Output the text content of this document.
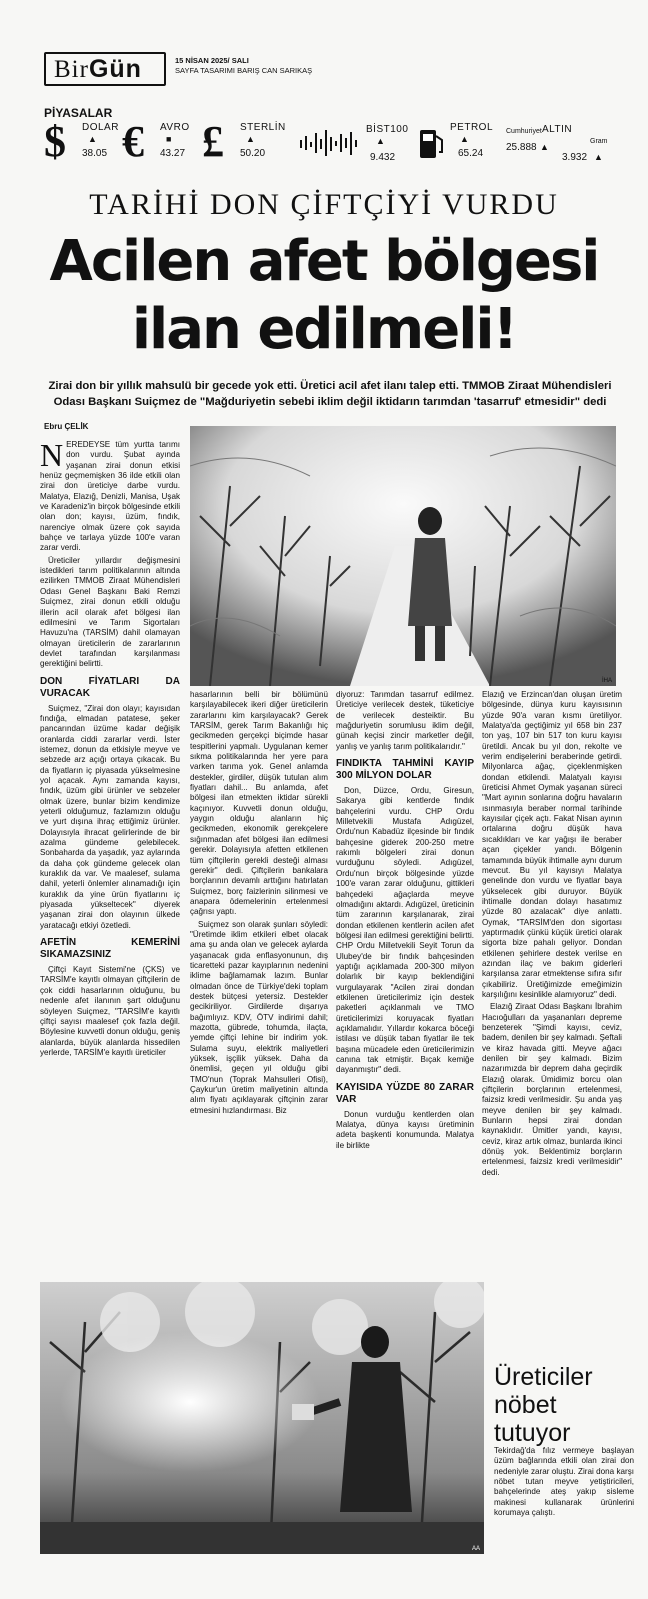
BirGün	15 NİSAN 2025/ SALI
SAYFA TASARIMI BARIŞ CAN SARIKAŞ
PİYASALAR
$ DOLAR
▲
38.05 € AVRO
■
43.27 £ STERLİN
▲
50.20
BİST100
▲
9.432
PETROL
▲
65.24
ALTIN
Cumhuriyet
25.888 ▲
Gram
3.932 ▲
TARİHİ DON ÇİFTÇİYİ VURDU
Acilen afet bölgesi
ilan edilmeli!
Zirai don bir yıllık mahsulü bir gecede yok etti. Üretici acil afet ilanı talep etti. TMMOB Ziraat Mühendisleri
Odası Başkanı Suiçmez de "Mağduriyetin sebebi iklim değil iktidarın tarımdan 'tasarruf' etmesidir" dedi
Ebru ÇELİK
İHA

NEREDEYSE tüm yurtta tarımı don vurdu. Şubat ayında yaşanan zirai donun etkisi henüz geçmemişken 36 ilde etkili olan zirai don üreticiye darbe vurdu. Malatya, Elazığ, Denizli, Manisa, Uşak ve Karadeniz'in birçok bölgesinde etkili olan don; kayısı, üzüm, fındık, narenciye olmak üzere çok sayıda bahçe ve tarlaya yüzde 100'e varan zarar verdi.

Üreticiler yıllardır değişmesini istedikleri tarım politikalarının altında ezilirken TMMOB Ziraat Mühendisleri Odası Genel Başkanı Baki Remzi Suiçmez, zirai donun etkili olduğu illerin acil olarak afet bölgesi ilan edilmesini ve Tarım Sigortaları Havuzu'na (TARSİM) dahil olamayan olmayan üreticilerin de zararlarının devlet tarafından karşılanması gerektiğini belirtti.

DON FİYATLARI DA VURACAK

Suiçmez, "Zirai don olayı; kayısıdan fındığa, elmadan patatese, şeker pancarından üzüme kadar değişik oranlarda ciddi zararlar verdi. İster istemez, donun da etkisiyle meyve ve sebzede arz açığı ortaya çıkacak. Bu da fiyatların iç piyasada yükselmesine yol açacak. Aynı zamanda kayısı, fındık, üzüm gibi ürünler ve sebzeler olmak üzere, bunlar bizim kendimize yeterli olduğumuz, fazlamızın olduğu ve yurt dışına ihraç ettiğimiz ürünler. Dolayısıyla ihracat gelirlerinde de bir azalma gündeme gelebilecek. Sonbaharda da yaşadık, yaz aylarında da daha çok gündeme gelecek olan kuraklık da var. Ve maalesef, sulama dahil, yeterli önlemler alınamadığı için kuraklık da yine ürün fiyatlarını iç piyasada yükseltecek" diyerek yaşanan zirai don olayının ülkede yaratacağı etkiyi özetledi.

AFETİN KEMERİNİ SIKAMAZSINIZ

Çiftçi Kayıt Sistemi'ne (ÇKS) ve TARSİM'e kayıtlı olmayan çiftçilerin de çok ciddi hasarlarının olduğunu, bu nedenle afet ilanının şart olduğunu söyleyen Suiçmez, "TARSİM'e kayıtlı çiftçi sayısı maalesef çok fazla değil. Böylesine kuvvetli donun olduğu, geniş alanlarda, büyük alanlarda hissedilen yerlerde, TARSİM'e kayıtlı üreticiler

hasarlarının belli bir bölümünü karşılayabilecek ikeri diğer üreticilerin zararlarını kim karşılayacak? Gerek TARSİM, gerek Tarım Bakanlığı hiç gecikmeden gerçekçi biçimde hasar tespitlerini yapmalı. Uygulanan kemer sıkma politikalarında her yere para varken tarıma yok. Genel anlamda destekler, girdiler, düşük tutulan alım fiyatları dahil... Bu anlamda, afet bölgesi ilan etmekten iktidar sürekli kaçınıyor. Kuvvetli donun olduğu, yaygın olduğu alanların hiç gecikmeden, ekonomik gerekçelere sığınmadan afet bölgesi ilan edilmesi gerekir. Dolayısıyla afetten etkilenen tüm çiftçilerin gerekli desteği alması gerekir" dedi. Çiftçilerin bankalara borçlarının devamlı arttığını hatırlatan Suiçmez, borç faizlerinin silinmesi ve anapara ödemelerinin ertelenmesi çağrısı yaptı.

Suiçmez son olarak şunları söyledi: "Üretimde iklim etkileri elbet olacak ama şu anda olan ve gelecek aylarda yaşanacak gıda enflasyonunun, dış ticaretteki pazar kayıplarının nedenini iklime bağlamamak lazım. Bunlar olmadan önce de Türkiye'deki toplam destek bütçesi yetersiz. Destekler gecikiriliyor. Girdilerde dışarıya bağımlıyız. KDV, ÖTV indirimi dahil; mazotta, gübrede, tohumda, ilaçta, yemde çiftçi lehine bir indirim yok. Sulama suyu, elektrik maliyetleri yüksek, işçilik yüksek. Daha da önemlisi, geçen yıl olduğu gibi TMO'nun (Toprak Mahsulleri Ofisi), Çaykur'un üretim maliyetinin altında alım fiyatı açıklayarak çiftçinin zarar etmesini hızlandırması. Biz

diyoruz: Tarımdan tasarruf edilmez. Üreticiye verilecek destek, tüketiciye de verilecek desteiktir. Bu mağduriyetin sorumlusu iklim değil, günah keçisi zincir marketler değil, yanlış ve yanlış tarım politikalarıdır."

FINDIKTA TAHMİNİ KAYIP 300 MİLYON DOLAR

Don, Düzce, Ordu, Giresun, Sakarya gibi kentlerde fındık bahçelerini vurdu. CHP Ordu Milletvekili Mustafa Adıgüzel, Ordu'nun Kabadüz ilçesinde bir fındık bahçesine giderek 200-250 metre rakımlı bölgeleri zirai donun vurduğunu söyledi. Adıgüzel, Ordu'nun birçok bölgesinde yüzde 100'e varan zarar olduğunu, gittikleri bahçedeki ağaçlarda meyve olmadığını aktardı. Adıgüzel, üreticinin tüm zararının karşılanarak, zirai dondan etkilenen kentlerin acilen afet bölgesi ilan edilmesi gerektiğini belirtti. CHP Ordu Milletvekili Seyit Torun da Ulubey'de bir fındık bahçesinden yaptığı açıklamada 200-300 milyon dolarlık bir kayıp beklendiğini vurgulayarak "Acilen zirai dondan etkilenen üreticilerimiz için destek paketleri açıklanmalı ve TMO üreticilerimizi koruyacak fiyatları açıklamalıdır. Yıllardır kokarca böceği istilası ve düşük taban fiyatlar ile tek başına mücadele eden üreticilerimizin canına tak etmiştir. Bıçak kemiğe dayanmıştır" dedi.

KAYISIDA YÜZDE 80 ZARAR VAR

Donun vurduğu kentlerden olan Malatya, dünya kayısı üretiminin adeta başkenti konumunda. Malatya ile birlikte

Elazığ ve Erzincan'dan oluşan üretim bölgesinde, dünya kuru kayısısının yüzde 90'a varan kısmı üretiliyor. Malatya'da geçtiğimiz yıl 658 bin 237 ton yaş, 107 bin 517 ton kuru kayısı üretildi. Ancak bu yıl don, rekolte ve verim endişelerini beraberinde getirdi. Milyonlarca ağaç, çiçeklenmişken dondan etkilendi. Malatyalı kayısı üreticisi Ahmet Oymak yaşanan süreci "Mart ayının sonlarına doğru havaların ısınmasıyla beraber normal tarihinde kayısılar çiçek açtı. Fakat Nisan ayının ortalarına doğru düşük hava sıcaklıkları ve kar yağışı ile beraber açan çiçekler yandı. Bölgenin tamamında büyük ihtimalle aynı durum mevcut. Bu yıl kayısıyı Malatya genelinde don vurdu ve fiyatlar baya yükselecek gibi duruyor. Büyük ihtimalle dondan dolayı hasatımız yüzde 80 azalacak" diye anlattı. Oymak, "TARSİM'den don sigortası yaptırmadık çünkü küçük üretici olarak sigorta bize pahalı geliyor. Dondan etkilenen şehirlere destek verilse en azından ilaç ve bakım giderleri karşılansa zarar etmektense sıfıra sıfır çıkabiliriz. Üretiğimizde emeğimizin karşılığını kesinlikle alamıyoruz" dedi.

Elazığ Ziraat Odası Başkanı İbrahim Hacıoğulları da yaşananları depreme benzeterek "Şimdi kayısı, ceviz, badem, denilen bir şey kalmadı. Şeftali ve kiraz havada gitti. Meyve ağacı denilen bir şey kalmadı. Bizim nazarımızda bir deprem daha geçirdik Elazığ olarak. Ümidimiz borcu olan çiftçilerin borçlarının ertelenmesi, faizsiz kredi verilmesidir. Şu anda yaş meyve denilen bir şey kalmadı. Bunların hepsi zirai dondan kaynaklıdır. Ümitler yandı, kayısı, ceviz, kiraz artık olmaz, bunlarda ikinci dönüş yok. Beklentimiz borçların ertelenmesi, faizsiz kredi verilmesidir" dedi.

AA
Üreticiler
nöbet
tutuyor
Tekirdağ'da fılız vermeye başlayan üzüm bağlarında etkili olan zirai don nedeniyle zarar oluştu. Zirai dona karşı nöbet tutan meyve yetiştiricileri, bahçelerinde ateş yakıp sisleme makinesi kullanarak ürünlerini korumaya çalıştı.
